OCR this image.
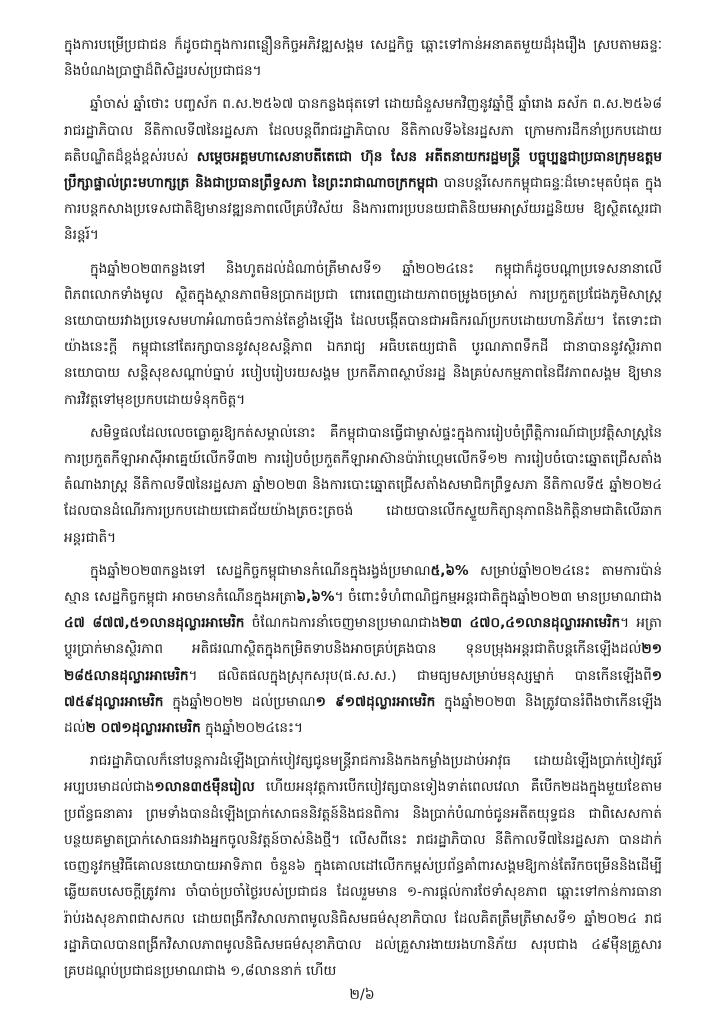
ក្នុងការបម្រើប្រជាជន ក៏ដូចជាក្នុងការពន្លឿនកិច្ចអភិវឌ្ឍសង្គម សេដ្ឋកិច្ច ឆ្ពោះទៅកាន់អនាគតមួយដ៏រុងរឿង ស្របតាមឆន្ទៈនិងបំណងប្រាថ្នាដ៏ពិសិដ្ឋរបស់ប្រជាជន។

ឆ្នាំចាស់ ឆ្នាំថោះ បញ្ចស័ក ព.ស.២៥៦៧ បានកន្លងផុតទៅ ដោយជំនួសមកវិញនូវឆ្នាំថ្មី ឆ្នាំរោង ឆស័ក ព.ស.២៥៦៨ រាជរដ្ឋាភិបាល នីតិកាលទី៧នៃរដ្ឋសភា ដែលបន្តពីរាជរដ្ឋាភិបាល នីតិកាលទី៦នៃរដ្ឋសភា ក្រោមការដឹកនាំប្រកបដោយគតិបណ្ឌិតដ៏ខ្ពង់ខ្ពស់របស់ សម្តេចអគ្គមហាសេនាបតីតេជោ ហ៊ុន សែន អតីតនាយករដ្ឋមន្ត្រី បច្ចុប្បន្នជាប្រធានក្រុមឧត្តមប្រឹក្សាផ្ទាល់ព្រះមហាក្សត្រ និងជាប្រធានព្រឹទ្ធសភា នៃព្រះរាជាណាចក្រកម្ពុជា បានបន្តរីសេកកម្ពុជាធន្ទៈដ៏មោះមុតបំផុត ក្នុងការបន្តកសាងប្រទេសជាតិឱ្យមានវឌ្ឍនភាពលើគ្រប់វិស័យ និងការពារប្របនយជាតិនិយមអាស្រ័យរដ្ឋនិយម ឱ្យស្ថិតស្ថេរជានិរន្តរ៍។

ក្នុងឆ្នាំ២០២៣កន្លងទៅ និងហូតដល់ដំណាច់ត្រីមាសទី១ ឆ្នាំ២០២៤នេះ កម្ពុជាក៏ដូចបណ្តាប្រទេសនានាលើពិភពលោកទាំងមូល ស្ថិតក្នុងស្ថានភាពមិនប្រាកដប្រជា ពោរពេញដោយភាពចម្រូងចម្រាស់ ការប្រកួតប្រជែងភូមិសាស្ត្រនយោបាយរវាងប្រទេសមហាអំណាចធំៗកាន់តែខ្លាំងឡើង ដែលបង្កើតបានជាអធិករណ៍ប្រកបដោយហានិភ័យ។ តែទោះជាយ៉ាងនេះក្តី កម្ពុជានៅតែរក្សាបាននូវសុខសន្តិភាព ឯករាជ្យ អធិបតេយ្យជាតិ បូរណភាពទឹកដី ជានាបាននូវស្ថិរភាពនយោបាយ សន្តិសុខសណ្តាប់ធ្នាប់ របៀបរៀបរយសង្គម ប្រកតីភាពស្ថាប័នរដ្ឋ និងគ្រប់សកម្មភាពនៃជីវភាពសង្គម ឱ្យមានការវិវត្តទៅមុខប្រកបដោយទំនុកចិត្ត។

សមិទ្ធផលដែលលេចធ្លោគួរឱ្យកត់សម្គាល់នោះ គឺកម្ពុជាបានធ្វើជាម្ចាស់ផ្ទះក្នុងការរៀបចំព្រឹត្តិការណ៍ជាប្រវត្តិសាស្ត្រនៃការប្រកួតកីឡាអាស៊ីអាគ្នេយ៍លើកទី៣២ ការរៀបចំប្រកួតកីឡាអាស៊ានប៉ារ៉ាហ្គេមលើកទី១២ ការរៀបចំបោះឆ្នោតជ្រើសតាំងតំណាងរាស្ត្រ នីតិកាលទី៧នៃរដ្ឋសភា ឆ្នាំ២០២៣ និងការបោះឆ្នោតជ្រើសតាំងសមាជិកព្រឹទ្ធសភា នីតិកាលទី៥ ឆ្នាំ២០២៤ ដែលបានដំណើរការប្រកបដោយជោគជ័យយ៉ាងត្រចះត្រចង់ ដោយបានលើកស្ទួយកិត្យានុភាពនិងកិត្តិនាមជាតិលើឆាកអន្តរជាតិ។

ក្នុងឆ្នាំ២០២៣កន្លងទៅ សេដ្ឋកិច្ចកម្ពុជាមានកំណើនក្នុងរង្វង់ប្រមាណ៥,៦% សម្រាប់ឆ្នាំ២០២៤នេះ តាមការប៉ាន់ស្មាន សេដ្ឋកិច្ចកម្ពុជា អាចមានកំណើនក្នុងអត្រា៦,៦%។ ចំពោះទំហំពាណិជ្ជកម្មអន្តរជាតិក្នុងឆ្នាំ២០២៣ មានប្រមាណជាង ៤៧ ៨៧៧,៥១លានដុល្លារអាមេរិក ចំណែកឯការនាំចេញមានប្រមាណជាង២៣ ៤៧០,៤១លានដុល្លារអាមេរិក។ អត្រាប្តូរប្រាក់មានស្ថិរភាព អតិផរណាស្ថិតក្នុងកម្រិតទាបនិងអាចគ្រប់គ្រងបាន ទុនបម្រុងអន្តរជាតិបន្តកើនឡើងដល់២១ ២៨៥លានដុល្លារអាមេរិក។ ផលិតផលក្នុងស្រុកសរុប(ផ.ស.ស.) ជាមធ្យមសម្រាប់មនុស្សម្នាក់ បានកើនឡើងពី១ ៧៥៩ដុល្លារអាមេរិក ក្នុងឆ្នាំ២០២២ ដល់ប្រមាណ១ ៩១៧ដុល្លារអាមេរិក ក្នុងឆ្នាំ២០២៣ និងត្រូវបានរំពឹងថាកើនឡើងដល់២ ០៧១ដុល្លារអាមេរិក ក្នុងឆ្នាំ២០២៤នេះ។

រាជរដ្ឋាភិបាលក៏នៅបន្តការដំឡើងប្រាក់បៀវត្សជូនមន្ត្រីរាជការនិងកងកម្លាំងប្រដាប់អាវុធ ដោយដំឡើងប្រាក់បៀវត្សរ៍អប្បបរមាដល់ជាង១លាន៣៥ម៉ឺនរៀល ហើយអនុវត្តការបើកបៀវត្សបានទៀងទាត់ពេលវេលា គឺបើក២ដងក្នុងមួយខែតាមប្រព័ន្ធធនាគារ ព្រមទាំងបានដំឡើងប្រាក់សោធននិវត្តន៍និងជនពិការ និងប្រាក់បំណាច់ជូនអតីតយុទ្ធជន ជាពិសេសកាត់បន្ថយគម្លាតប្រាក់សោធនរវាងអ្នកចូលនិវត្តន៍ចាស់និងថ្មី។ លើសពីនេះ រាជរដ្ឋាភិបាល នីតិកាលទី៧នៃរដ្ឋសភា បានដាក់ចេញនូវកម្មវិធីគោលនយោបាយអាទិភាព ចំនួន៦ ក្នុងគោលដៅលើកកម្ពស់ប្រព័ន្ធគាំពារសង្គមឱ្យកាន់តែរីកចម្រើននិងដើម្បីឆ្លើយតបសេចក្តីត្រូវការ ចាំបាច់ប្រចាំថ្ងៃរបស់ប្រជាជន ដែលរួមមាន ១-ការផ្តល់ការថែទាំសុខភាព ឆ្ពោះទៅកាន់ការធានារ៉ាប់រងសុខភាពជាសកល ដោយពង្រីកវិសាលភាពមូលនិធិសមធម៌សុខាភិបាល ដែលគិតត្រឹមត្រីមាសទី១ ឆ្នាំ២០២៤ រាជរដ្ឋាភិបាលបានពង្រីកវិសាលភាពមូលនិធិសមធម៌សុខាភិបាល ដល់គ្រួសារងាយរងហានិភ័យ សរុបជាង ៤៩ម៉ឺនគ្រួសារ គ្របដណ្តប់ប្រជាជនប្រមាណជាង ១,៨លាននាក់ ហើយ

២/៦
